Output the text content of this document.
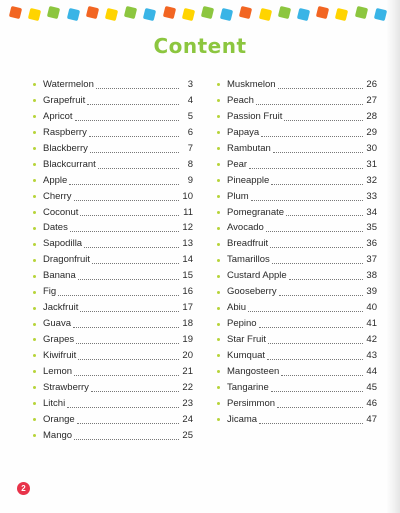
Content
Watermelon	3
Grapefruit	4
Apricot	5
Raspberry	6
Blackberry	7
Blackcurrant	8
Apple	9
Cherry	10
Coconut	11
Dates	12
Sapodilla	13
Dragonfruit	14
Banana	15
Fig	16
Jackfruit	17
Guava	18
Grapes	19
Kiwifruit	20
Lemon	21
Strawberry	22
Litchi	23
Orange	24
Mango	25
Muskmelon	26
Peach	27
Passion Fruit	28
Papaya	29
Rambutan	30
Pear	31
Pineapple	32
Plum	33
Pomegranate	34
Avocado	35
Breadfruit	36
Tamarillos	37
Custard Apple	38
Gooseberry	39
Abiu	40
Pepino	41
Star Fruit	42
Kumquat	43
Mangosteen	44
Tangarine	45
Persimmon	46
Jicama	47
2
